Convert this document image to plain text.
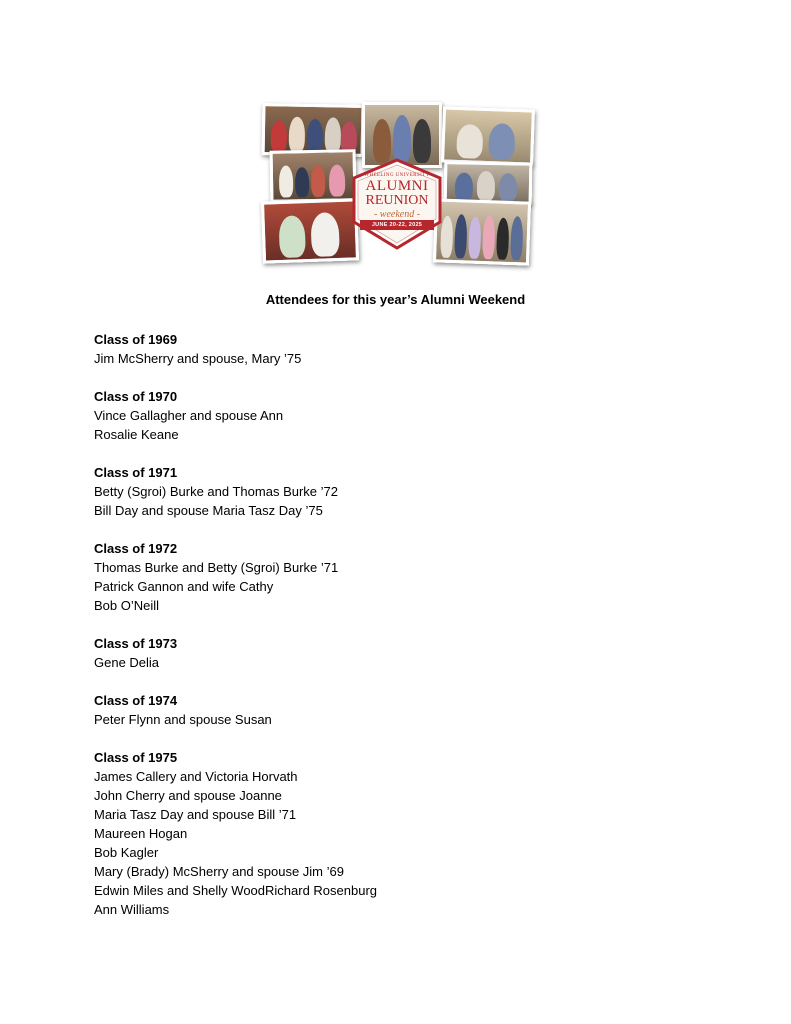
WHEELING UNIVERSITY
ALUMNI
REUNION
- weekend -
JUNE 20-22, 2025
Attendees for this year’s Alumni Weekend
Class of 1969
Jim McSherry and spouse, Mary ’75
Class of 1970
Vince Gallagher and spouse Ann
Rosalie Keane
Class of 1971
Betty (Sgroi) Burke and Thomas Burke ’72
Bill Day and spouse Maria Tasz Day ’75
Class of 1972
Thomas Burke and Betty (Sgroi) Burke ’71
Patrick Gannon and wife Cathy
Bob O’Neill
Class of 1973
Gene Delia
Class of 1974
Peter Flynn and spouse Susan
Class of 1975
James Callery and Victoria Horvath
John Cherry and spouse Joanne
Maria Tasz Day and spouse Bill ’71
Maureen Hogan
Bob Kagler
Mary (Brady) McSherry and spouse Jim ’69
Edwin Miles and Shelly WoodRichard Rosenburg
Ann Williams
